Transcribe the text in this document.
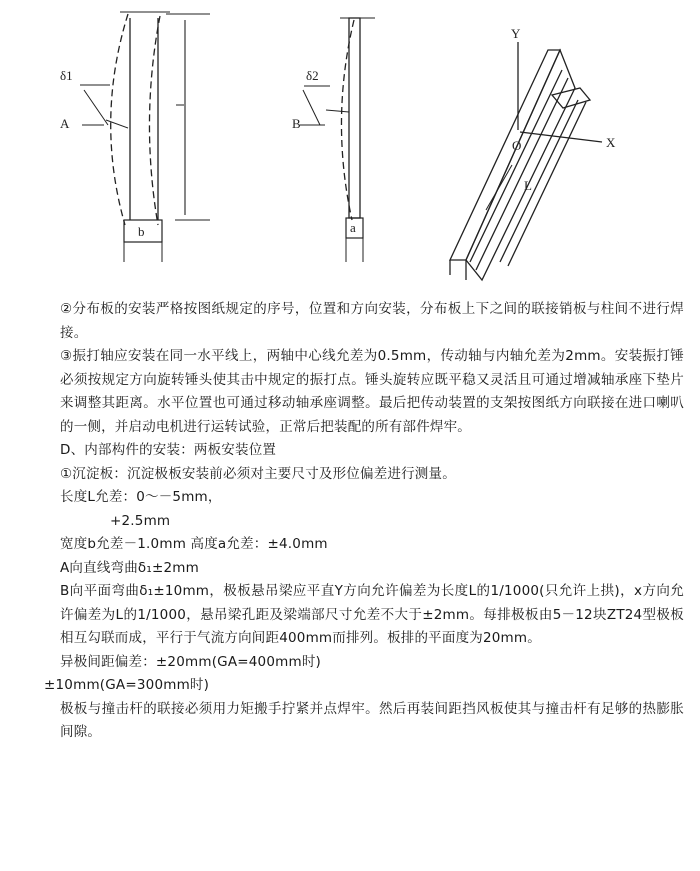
δ1
A
b
δ2
B
a
Y
X
O
L

②分布板的安装严格按图纸规定的序号，位置和方向安装，分布板上下之间的联接销板与柱间不进行焊接。

③振打轴应安装在同一水平线上，两轴中心线允差为0.5mm，传动轴与内轴允差为2mm。安装振打锤必须按规定方向旋转锤头使其击中规定的振打点。锤头旋转应既平稳又灵活且可通过增减轴承座下垫片来调整其距离。水平位置也可通过移动轴承座调整。最后把传动装置的支架按图纸方向联接在进口喇叭的一侧，并启动电机进行运转试验，正常后把装配的所有部件焊牢。

D、内部构件的安装：两板安装位置

①沉淀板：沉淀极板安装前必须对主要尺寸及形位偏差进行测量。

长度L允差：0～－5mm，

+2.5mm

宽度b允差－1.0mm 高度a允差：±4.0mm

A向直线弯曲δ₁±2mm

B向平面弯曲δ₁±10mm，极板悬吊梁应平直Y方向允许偏差为长度L的1/1000(只允许上拱)，x方向允许偏差为L的1/1000，悬吊梁孔距及梁端部尺寸允差不大于±2mm。每排极板由5－12块ZT24型极板相互勾联而成，平行于气流方向间距400mm而排列。板排的平面度为20mm。

异极间距偏差：±20mm(GA=400mm时)

±10mm(GA=300mm时)

极板与撞击杆的联接必须用力矩搬手拧紧并点焊牢。然后再装间距挡风板使其与撞击杆有足够的热膨胀间隙。
